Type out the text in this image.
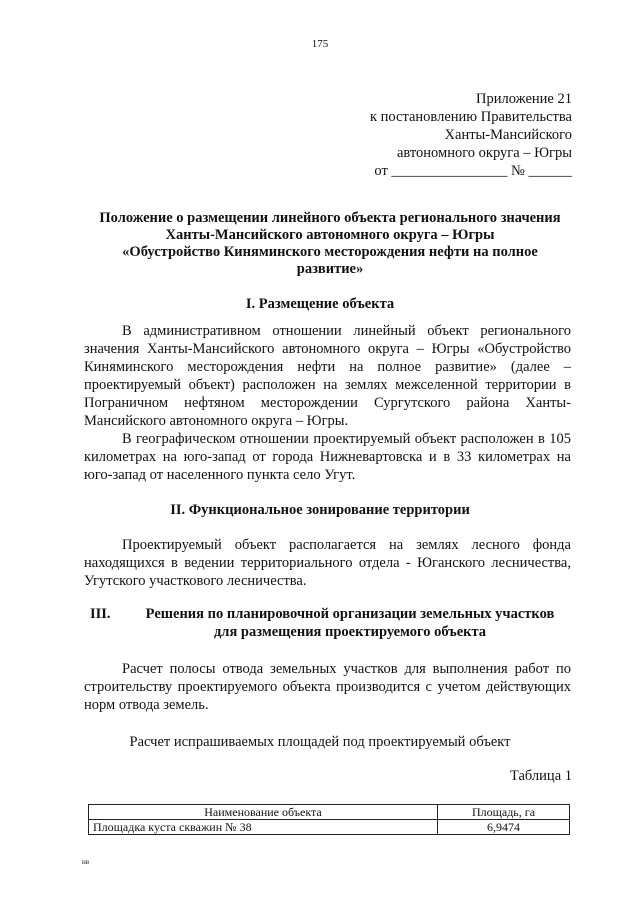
175
Приложение 21
к постановлению Правительства
Ханты-Мансийского
автономного округа – Югры
от ________________ № ______
Положение о размещении линейного объекта регионального значения
Ханты-Мансийского автономного округа – Югры
«Обустройство Киняминского месторождения нефти на полное
развитие»
I. Размещение объекта

В административном отношении линейный объект регионального значения Ханты-Мансийского автономного округа – Югры «Обустройство Киняминского месторождения нефти на полное развитие» (далее – проектируемый объект) расположен на землях межселенной территории в Пограничном нефтяном месторождении Сургутского района Ханты-Мансийского автономного округа – Югры.

В географическом отношении проектируемый объект расположен в 105 километрах на юго-запад от города Нижневартовска и в 33 километрах на юго-запад от населенного пункта село Угут.

II. Функциональное зонирование территории

Проектируемый объект располагается на землях лесного фонда находящихся в ведении территориального отдела - Юганского лесничества, Угутского участкового лесничества.

III.	Решения по планировочной организации земельных участков
для размещения проектируемого объекта

Расчет полосы отвода земельных участков для выполнения работ по строительству проектируемого объекта производится с учетом действующих норм отвода земель.

Расчет испрашиваемых площадей под проектируемый объект
Таблица 1
Наименование объекта	Площадь, га
Площадка куста скважин № 38	6,9474
нв
